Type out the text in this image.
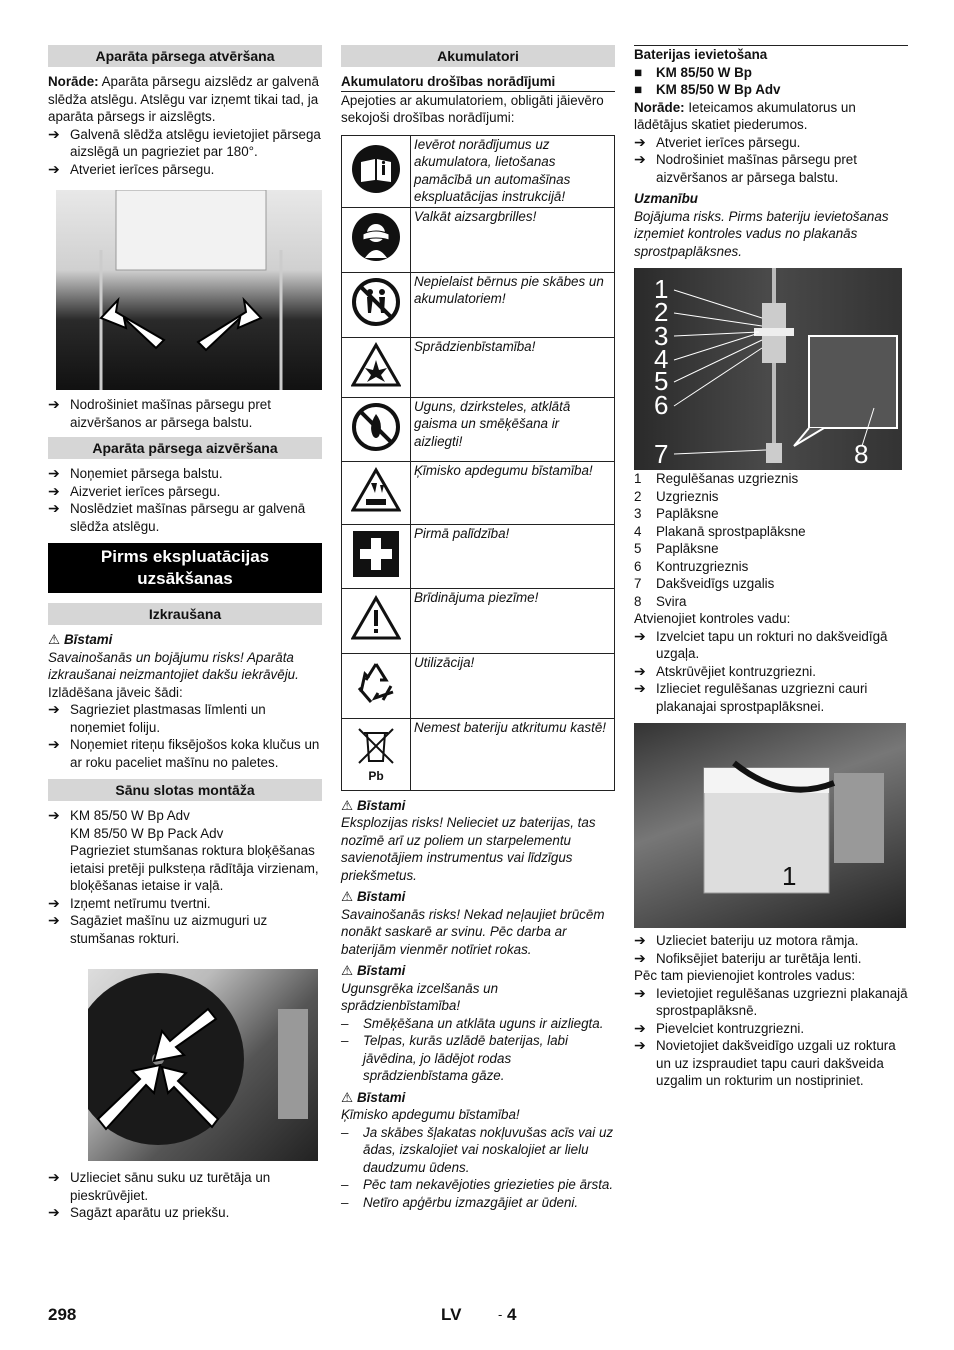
Aparāta pārsega atvēršana

Norāde: Aparāta pārsegu aizslēdz ar galvenā slēdža atslēgu. Atslēgu var izņemt tikai tad, ja aparāta pārsegs ir aizslēgts.

➔ Galvenā slēdža atslēgu ievietojiet pārsega aizslēgā un pagrieziet par 180°.
➔ Atveriet ierīces pārsegu.
➔ Nodrošiniet mašīnas pārsegu pret aizvēršanos ar pārsega balstu.
Aparāta pārsega aizvēršana
➔ Noņemiet pārsega balstu.
➔ Aizveriet ierīces pārsegu.
➔ Noslēdziet mašīnas pārsegu ar galvenā slēdža atslēgu.
Pirms ekspluatācijas uzsākšanas
Izkraušana
⚠ Bīstami

Savainošanās un bojājumu risks! Aparāta izkraušanai neizmantojiet dakšu iekrāvēju.

Izlādēšana jāveic šādi:

➔ Sagrieziet plastmasas līmlenti un noņemiet foliju.
➔ Noņemiet riteņu fiksējošos koka klučus un ar roku paceliet mašīnu no paletes.
Sānu slotas montāža
➔ KM 85/50 W Bp Adv
KM 85/50 W Bp Pack Adv
Pagrieziet stumšanas roktura bloķēšanas ietaisi pretēji pulksteņa rādītāja virzienam, bloķēšanas ietaise ir vaļā.
➔ Izņemt netīrumu tvertni.
➔ Sagāziet mašīnu uz aizmuguri uz stumšanas rokturi.
➔ Uzlieciet sānu suku uz turētāja un pieskrūvējiet.
➔ Sagāzt aparātu uz priekšu.
Akumulatori
Akumulatoru drošības norādījumi

Apejoties ar akumulatoriem, obligāti jāievēro sekojoši drošības norādījumi:

	Ievērot norādījumus uz akumulatora, lietošanas pamācībā un automašīnas ekspluatācijas instrukcijā!
	Valkāt aizsargbrilles!
	Nepielaist bērnus pie skābes un akumulatoriem!
	Sprādzienbīstamība!
	Uguns, dzirksteles, atklātā gaisma un smēķēšana ir aizliegti!
	Ķīmisko apdegumu bīstamība!
	Pirmā palīdzība!
	Brīdinājuma piezīme!
	Utilizācija!

Pb	Nemest bateriju atkritumu kastē!
⚠ Bīstami

Eksplozijas risks! Nelieciet uz baterijas, tas nozīmē arī uz poliem un starpelementu savienotājiem instrumentus vai līdzīgus priekšmetus.

⚠ Bīstami

Savainošanās risks! Nekad neļaujiet brūcēm nonākt saskarē ar svinu. Pēc darba ar baterijām vienmēr notīriet rokas.

⚠ Bīstami

Ugunsgrēka izcelšanās un sprādzienbīstamība!

–	Smēķēšana un atklāta uguns ir aizliegta.
–	Telpas, kurās uzlādē baterijas, labi jāvēdina, jo lādējot rodas sprādzienbīstama gāze.
⚠ Bīstami

Ķīmisko apdegumu bīstamība!

–	Ja skābes šļakatas nokļuvušas acīs vai uz ādas, izskalojiet vai noskalojiet ar lielu daudzumu ūdens.
–	Pēc tam nekavējoties griezieties pie ārsta.
–	Netīro apģērbu izmazgājiet ar ūdeni.
Baterijas ievietošana
■	KM 85/50 W Bp
■	KM 85/50 W Bp Adv

Norāde: Ieteicamos akumulatorus un lādētājus skatiet piederumos.

➔ Atveriet ierīces pārsegu.
➔ Nodrošiniet mašīnas pārsegu pret aizvēršanos ar pārsega balstu.
Uzmanību

Bojājuma risks. Pirms bateriju ievietošanas izņemiet kontroles vadus no plakanās sprostpaplāksnes.

1
2
3
4
5
6
7	8
1	Regulēšanas uzgrieznis
2	Uzgrieznis
3	Paplāksne
4	Plakanā sprostpaplāksne
5	Paplāksne
6	Kontruzgrieznis
7	Dakšveidīgs uzgalis
8	Svira

Atvienojiet kontroles vadu:

➔ Izvelciet tapu un rokturi no dakšveidīgā uzgaļa.
➔ Atskrūvējiet kontruzgriezni.
➔ Izlieciet regulēšanas uzgriezni cauri plakanajai sprostpaplāksnei.
1
➔ Uzlieciet bateriju uz motora rāmja.
➔ Nofiksējiet bateriju ar turētāja lenti.

Pēc tam pievienojiet kontroles vadus:

➔ Ievietojiet regulēšanas uzgriezni plakanajā sprostpaplāksnē.
➔ Pievelciet kontruzgriezni.
➔ Novietojiet dakšveidīgo uzgali uz roktura un uz izspraudiet tapu cauri dakšveida uzgalim un rokturim un nostipriniet.
298	LV	- 4
